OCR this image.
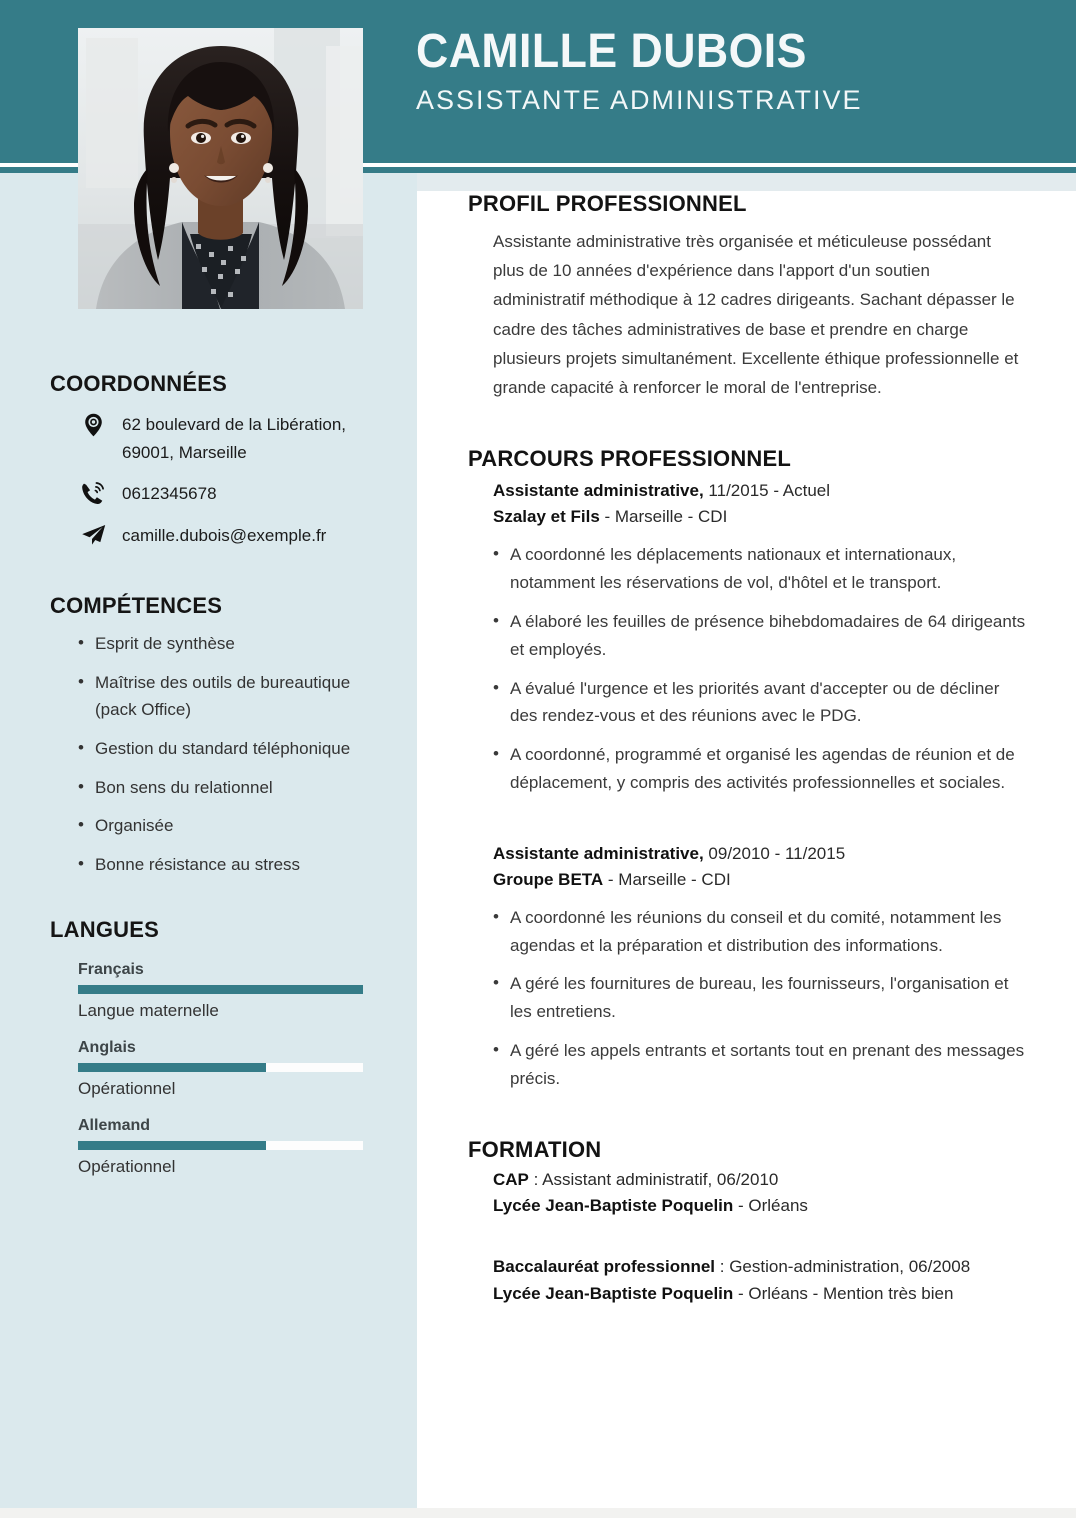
CAMILLE DUBOIS
ASSISTANTE ADMINISTRATIVE
COORDONNÉES
62 boulevard de la Libération, 69001, Marseille
0612345678
camille.dubois@exemple.fr
COMPÉTENCES
• Esprit de synthèse
• Maîtrise des outils de bureautique (pack Office)
• Gestion du standard téléphonique
• Bon sens du relationnel
• Organisée
• Bonne résistance au stress
LANGUES
Français
Langue maternelle
Anglais
Opérationnel
Allemand
Opérationnel
PROFIL PROFESSIONNEL
Assistante administrative très organisée et méticuleuse possédant plus de 10 années d'expérience dans l'apport d'un soutien administratif méthodique à 12 cadres dirigeants. Sachant dépasser le cadre des tâches administratives de base et prendre en charge plusieurs projets simultanément. Excellente éthique professionnelle et grande capacité à renforcer le moral de l'entreprise.
PARCOURS PROFESSIONNEL
Assistante administrative, 11/2015 - Actuel
Szalay et Fils - Marseille - CDI
• A coordonné les déplacements nationaux et internationaux, notamment les réservations de vol, d'hôtel et le transport.
• A élaboré les feuilles de présence bihebdomadaires de 64 dirigeants et employés.
• A évalué l'urgence et les priorités avant d'accepter ou de décliner des rendez-vous et des réunions avec le PDG.
• A coordonné, programmé et organisé les agendas de réunion et de déplacement, y compris des activités professionnelles et sociales.
Assistante administrative, 09/2010 - 11/2015
Groupe BETA - Marseille - CDI
• A coordonné les réunions du conseil et du comité, notamment les agendas et la préparation et distribution des informations.
• A géré les fournitures de bureau, les fournisseurs, l'organisation et les entretiens.
• A géré les appels entrants et sortants tout en prenant des messages précis.
FORMATION
CAP : Assistant administratif, 06/2010
Lycée Jean-Baptiste Poquelin - Orléans
Baccalauréat professionnel : Gestion-administration, 06/2008
Lycée Jean-Baptiste Poquelin - Orléans - Mention très bien
